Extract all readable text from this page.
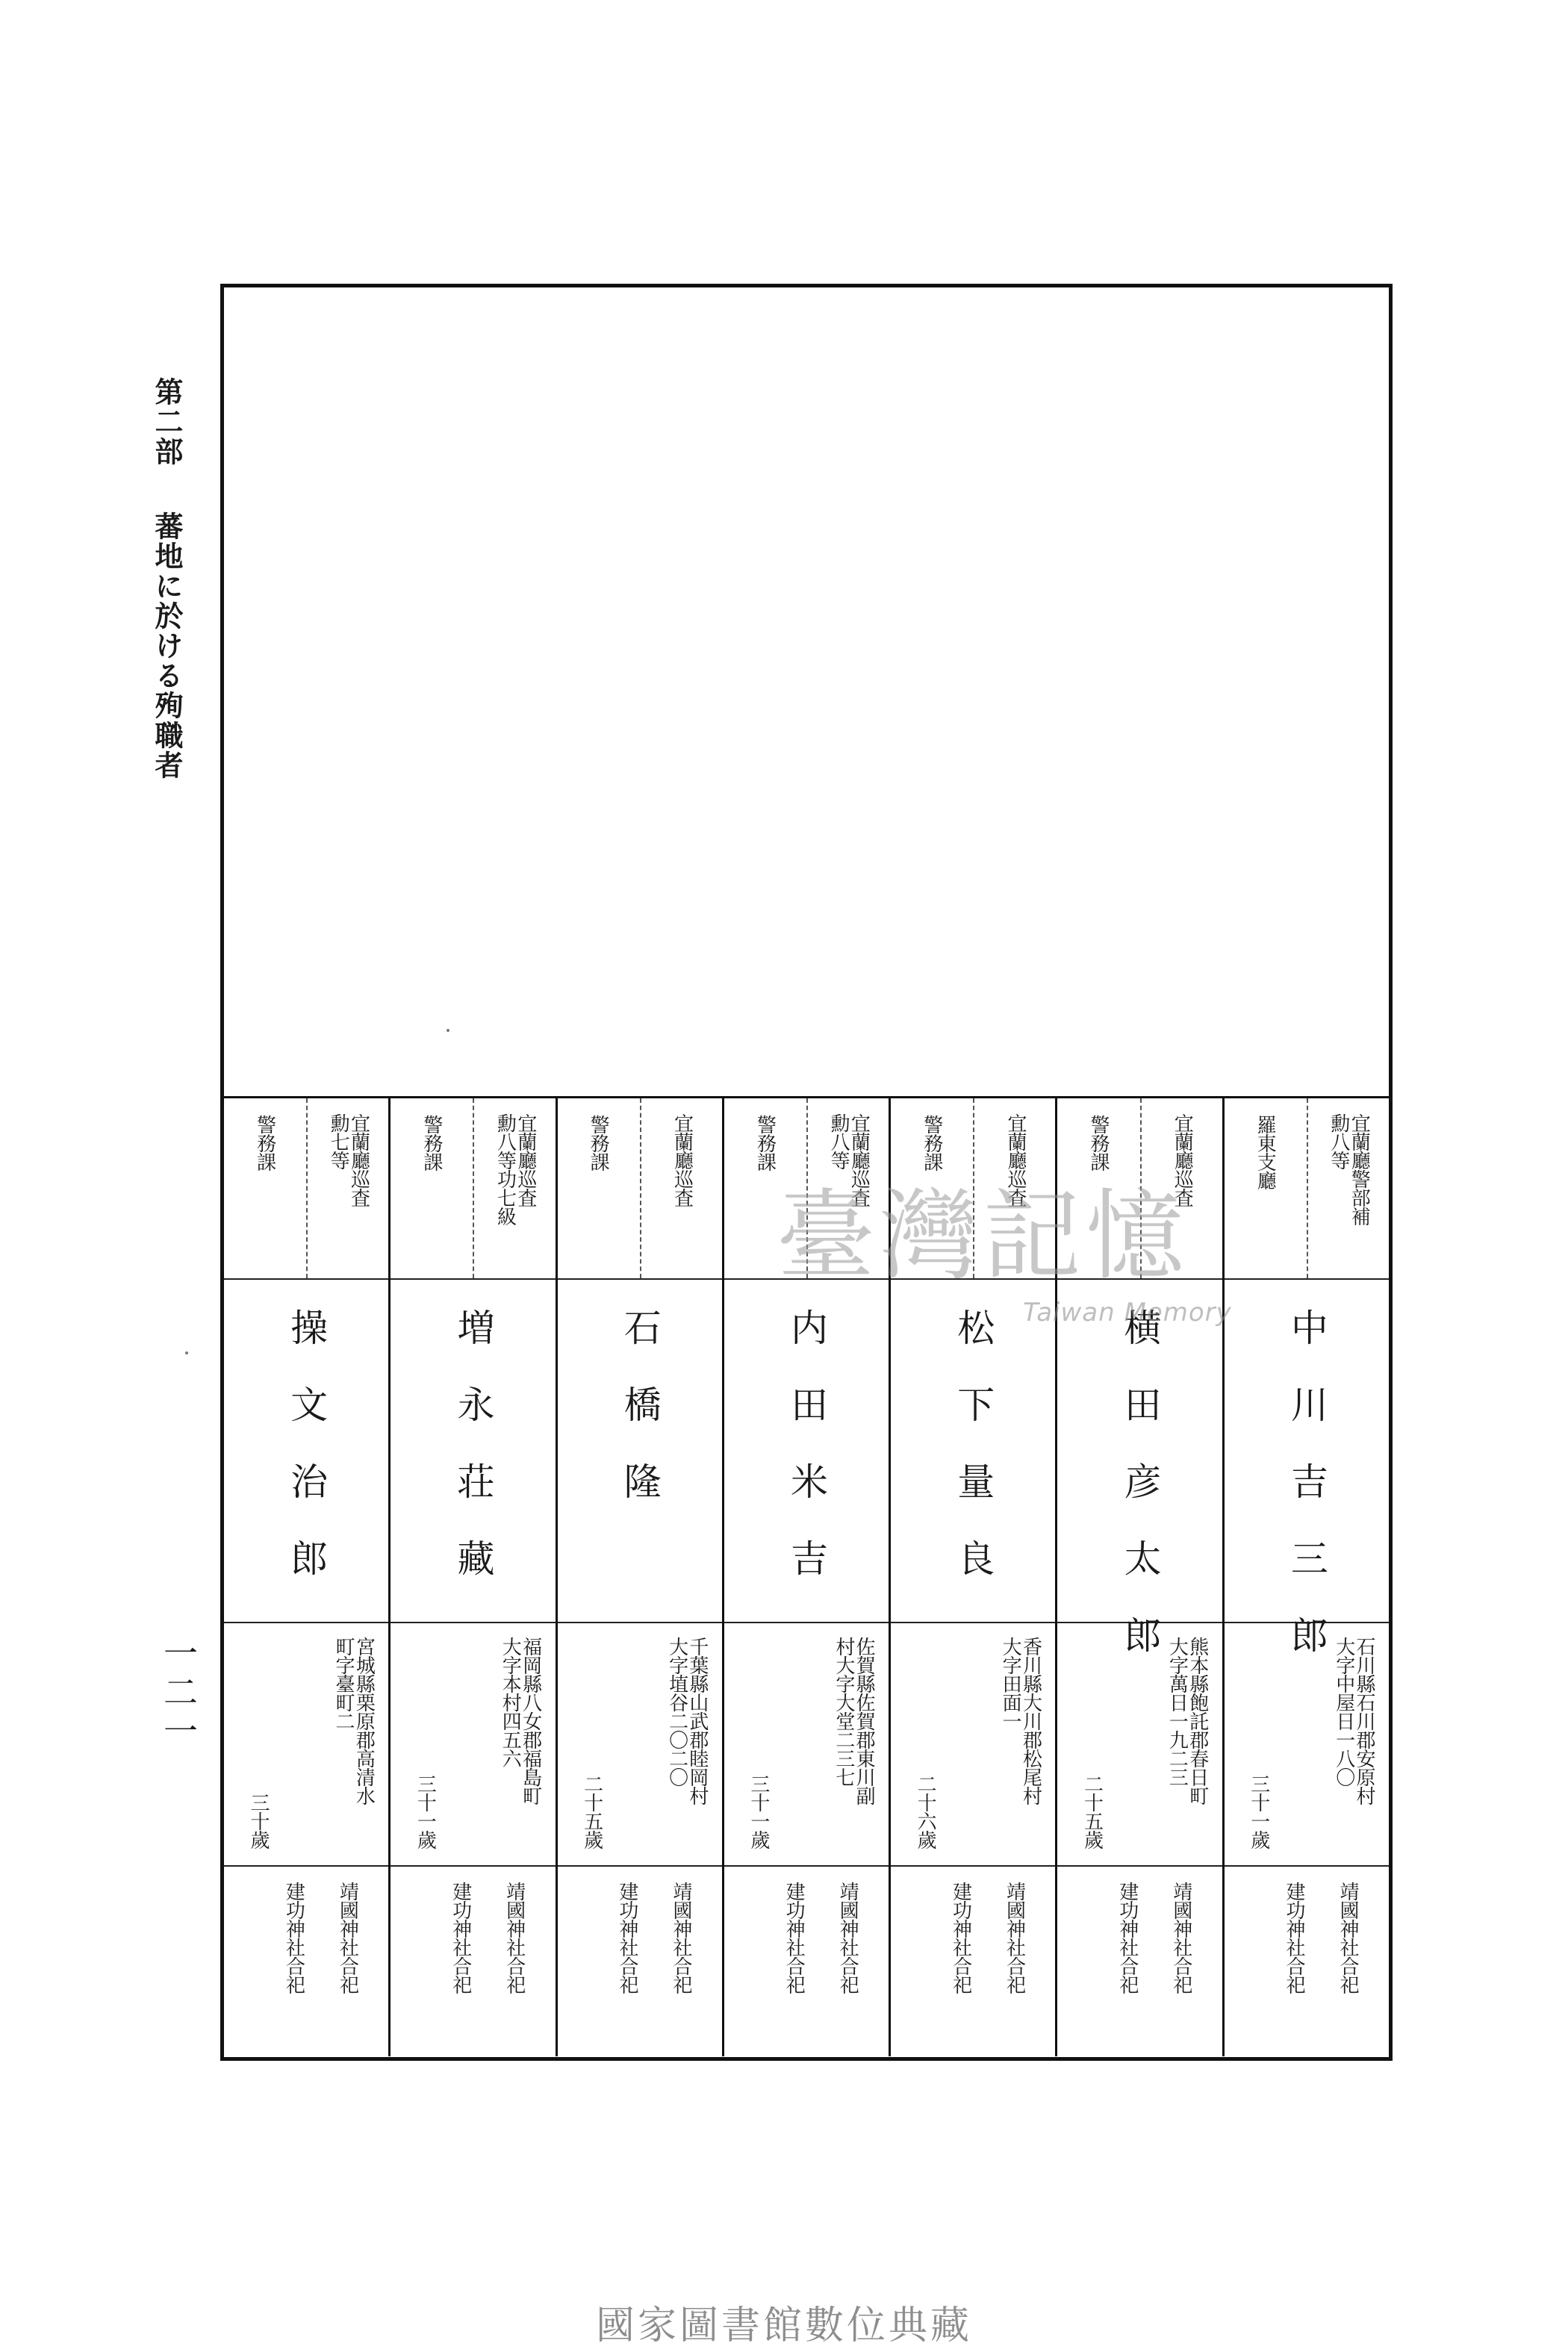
第二部蕃地に於ける殉職者
一二一
宜蘭廳警部補
勳八等
羅東支廳
中川吉三郎
石川縣石川郡安原村
大字中屋日一八〇
三十一歲
靖國神社合祀
建功神社合祀
宜蘭廳巡査

警務課
横田彦太郎
熊本縣飽託郡春日町
大字萬日一九二三
二十五歲
靖國神社合祀
建功神社合祀
宜蘭廳巡査

警務課
松下量良
香川縣大川郡松尾村
大字田面一
二十六歲
靖國神社合祀
建功神社合祀
宜蘭廳巡査
勳八等
警務課
内田米吉
佐賀縣佐賀郡東川副
村大字大堂二三七
三十一歲
靖國神社合祀
建功神社合祀
宜蘭廳巡査

警務課
石橋隆
千葉縣山武郡睦岡村
大字埴谷二〇二〇
二十五歲
靖國神社合祀
建功神社合祀
宜蘭廳巡査
勳八等功七級
警務課
増永荘藏
福岡縣八女郡福島町
大字本村四五六
三十一歲
靖國神社合祀
建功神社合祀
宜蘭廳巡査
勳七等
警務課
操文治郎
宮城縣栗原郡高清水
町字臺町二
三十歲
靖國神社合祀
建功神社合祀
臺灣記憶
Taiwan Memory
國家圖書館數位典藏
